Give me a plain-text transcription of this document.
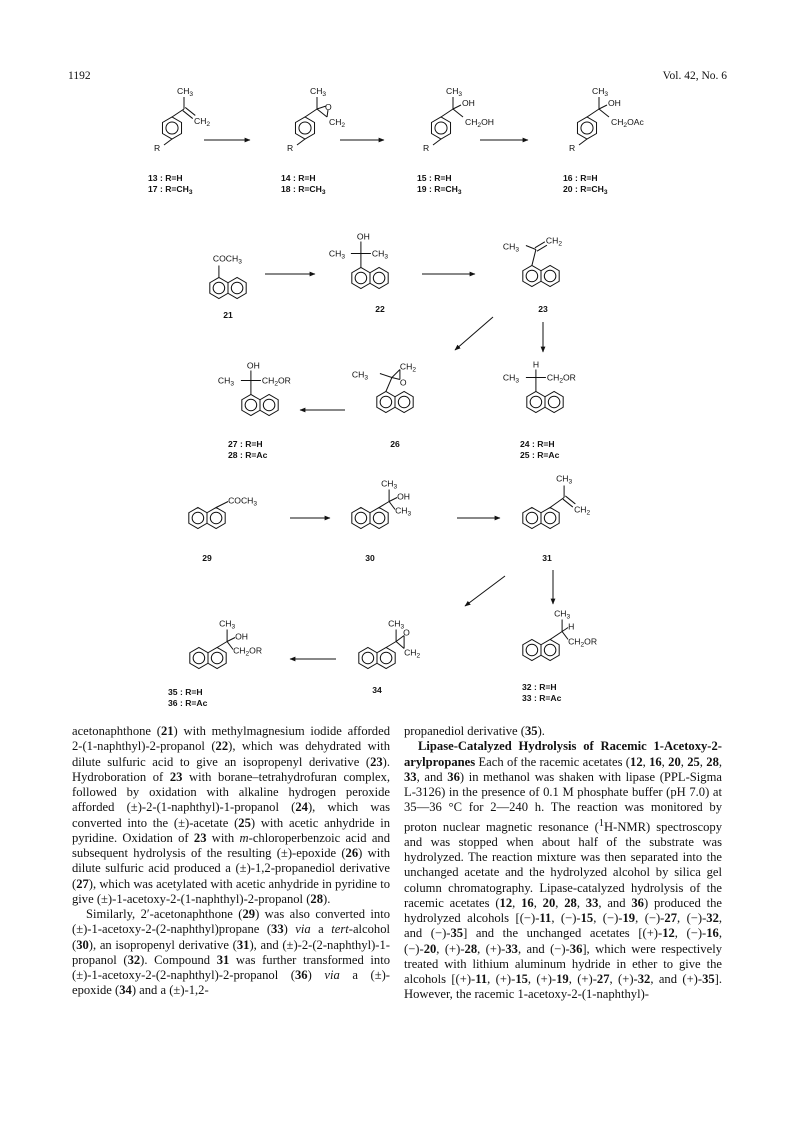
1192	Vol. 42, No. 6
CH3
CH2
R
13 : R=H
17 : R=CH3
CH3
O
CH2
R
14 : R=H
18 : R=CH3
CH3
OH
CH2OH
R
15 : R=H
19 : R=CH3
CH3
OH
CH2OAc
R
16 : R=H
20 : R=CH3
COCH3
21
OH
CH3	CH3
22
CH3
CH2
23
OH
CH3	CH2OR
27 : R=H
28 : R=Ac
CH3
CH2
O
26
H
CH3	CH2OR
24 : R=H
25 : R=Ac
COCH3
29
CH3
OH
CH3
30
CH3
CH2
31
CH3
OH
CH2OR
35 : R=H
36 : R=Ac
CH3
O
CH2
34
CH3
H
CH2OR
32 : R=H
33 : R=Ac

acetonaphthone (21) with methylmagnesium iodide afforded 2-(1-naphthyl)-2-propanol (22), which was dehydrated with dilute sulfuric acid to give an isopropenyl derivative (23). Hydroboration of 23 with borane–tetrahydrofuran complex, followed by oxidation with alkaline hydrogen peroxide afforded (±)-2-(1-naphthyl)-1-propanol (24), which was converted into the (±)-acetate (25) with acetic anhydride in pyridine. Oxidation of 23 with m-chloroperbenzoic acid and subsequent hydrolysis of the resulting (±)-epoxide (26) with dilute sulfuric acid produced a (±)-1,2-propanediol derivative (27), which was acetylated with acetic anhydride in pyridine to give (±)-1-acetoxy-2-(1-naphthyl)-2-propanol (28).

Similarly, 2′-acetonaphthone (29) was also converted into (±)-1-acetoxy-2-(2-naphthyl)propane (33) via a tert-alcohol (30), an isopropenyl derivative (31), and (±)-2-(2-naphthyl)-1-propanol (32). Compound 31 was further transformed into (±)-1-acetoxy-2-(2-naphthyl)-2-propanol (36) via a (±)-epoxide (34) and a (±)-1,2-

propanediol derivative (35).

Lipase-Catalyzed Hydrolysis of Racemic 1-Acetoxy-2-arylpropanes Each of the racemic acetates (12, 16, 20, 25, 28, 33, and 36) in methanol was shaken with lipase (PPL-Sigma L-3126) in the presence of 0.1 M phosphate buffer (pH 7.0) at 35—36 °C for 2—240 h. The reaction was monitored by proton nuclear magnetic resonance ($^1$H-NMR) spectroscopy and was stopped when about half of the substrate was hydrolyzed. The reaction mixture was then separated into the unchanged acetate and the hydrolyzed alcohol by silica gel column chromatography. Lipase-catalyzed hydrolysis of the racemic acetates (12, 16, 20, 28, 33, and 36) produced the hydrolyzed alcohols [(−)-11, (−)-15, (−)-19, (−)-27, (−)-32, and (−)-35] and the unchanged acetates [(+)-12, (−)-16, (−)-20, (+)-28, (+)-33, and (−)-36], which were respectively treated with lithium aluminum hydride in ether to give the alcohols [(+)-11, (+)-15, (+)-19, (+)-27, (+)-32, and (+)-35]. However, the racemic 1-acetoxy-2-(1-naphthyl)-
